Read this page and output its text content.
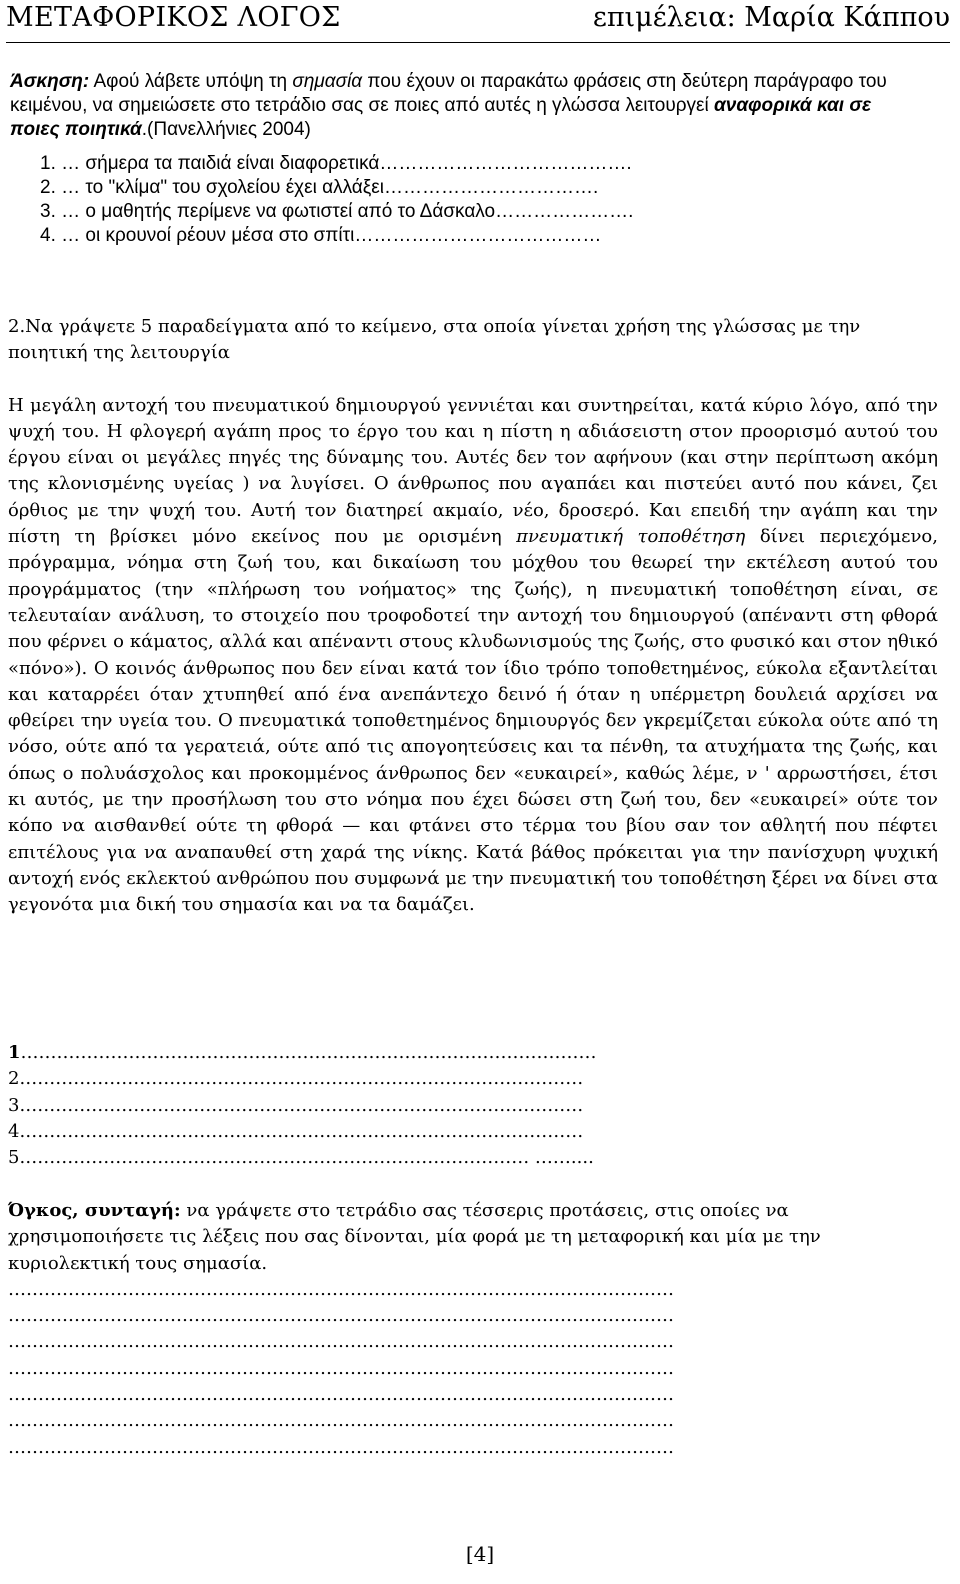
ΜΕΤΑΦΟΡΙΚΟΣ ΛΟΓΟΣ	επιμέλεια: Μαρία Κάππου

Άσκηση: Αφού λάβετε υπόψη τη σημασία που έχουν οι παρακάτω φράσεις στη δεύτερη παράγραφο του κειμένου, να σημειώσετε στο τετράδιο σας σε ποιες από αυτές η γλώσσα λειτουργεί αναφορικά και σε ποιες ποιητικά.(Πανελλήνιες 2004)

1. … σήμερα τα παιδιά είναι διαφορετικά………………………………….
2. … το "κλίμα" του σχολείου έχει αλλάξει…………………………….
3. … ο μαθητής περίμενε να φωτιστεί από το Δάσκαλο………………….
4. … οι κρουνοί ρέουν μέσα στο σπίτι…………………………………

2.Να γράψετε 5 παραδείγματα από το κείμενο, στα οποία γίνεται χρήση της γλώσσας με την ποιητική της λειτουργία

Η μεγάλη αντοχή του πνευματικού δημιουργού γεννιέται και συντηρείται, κατά κύριο λόγο, από την ψυχή του. Η φλογερή αγάπη προς το έργο του και η πίστη η αδιάσειστη στον προορισμό αυτού του έργου είναι οι μεγάλες πηγές της δύναμης του. Αυτές δεν τον αφήνουν (και στην περίπτωση ακόμη της κλονισμένης υγείας ) να λυγίσει. Ο άνθρωπος που αγαπάει και πιστεύει αυτό που κάνει, ζει όρθιος με την ψυχή του. Αυτή τον διατηρεί ακμαίο, νέο, δροσερό. Και επειδή την αγάπη και την πίστη τη βρίσκει μόνο εκείνος που με ορισμένη πνευματική τοποθέτηση δίνει περιεχόμενο, πρόγραμμα, νόημα στη ζωή του, και δικαίωση του μόχθου του θεωρεί την εκτέλεση αυτού του προγράμματος (την «πλήρωση του νοήματος» της ζωής), η πνευματική τοποθέτηση είναι, σε τελευταίαν ανάλυση, το στοιχείο που τροφοδοτεί την αντοχή του δημιουργού (απέναντι στη φθορά που φέρνει ο κάματος, αλλά και απέναντι στους κλυδωνισμούς της ζωής, στο φυσικό και στον ηθικό «πόνο»). Ο κοινός άνθρωπος που δεν είναι κατά τον ίδιο τρόπο τοποθετημένος, εύκολα εξαντλείται και καταρρέει όταν χτυπηθεί από ένα ανεπάντεχο δεινό ή όταν η υπέρμετρη δουλειά αρχίσει να φθείρει την υγεία του. Ο πνευματικά τοποθετημένος δημιουργός δεν γκρεμίζεται εύκολα ούτε από τη νόσο, ούτε από τα γερατειά, ούτε από τις απογοητεύσεις και τα πένθη, τα ατυχήματα της ζωής, και όπως ο πολυάσχολος και προκομμένος άνθρωπος δεν «ευκαιρεί», καθώς λέμε, ν ' αρρωστήσει, έτσι κι αυτός, με την προσήλωση του στο νόημα που έχει δώσει στη ζωή του, δεν «ευκαιρεί» ούτε τον κόπο να αισθανθεί ούτε τη φθορά — και φτάνει στο τέρμα του βίου σαν τον αθλητή που πέφτει επιτέλους για να αναπαυθεί στη χαρά της νίκης. Κατά βάθος πρόκειται για την πανίσχυρη ψυχική αντοχή ενός εκλεκτού ανθρώπου που συμφωνά με την πνευματική του τοποθέτηση ξέρει να δίνει στα γεγονότα μια δική του σημασία και να τα δαμάζει.

1……………………………………………………………………………………
2.…………………………………………………………………………………
3.…………………………………………………………………………………
4.…………………………………………………………………………………
5.………………………………………………………………………… ……....

Όγκος, συνταγή: να γράψετε στο τετράδιο σας τέσσερις προτάσεις, στις οποίες να χρησιμοποιήσετε τις λέξεις που σας δίνονται, μία φορά με τη μεταφορική και μία με την κυριολεκτική τους σημασία.

…………………………………………………………………………………………………
…………………………………………………………………………………………………
…………………………………………………………………………………………………
…………………………………………………………………………………………………
…………………………………………………………………………………………………
…………………………………………………………………………………………………
…………………………………………………………………………………………………
[4]
